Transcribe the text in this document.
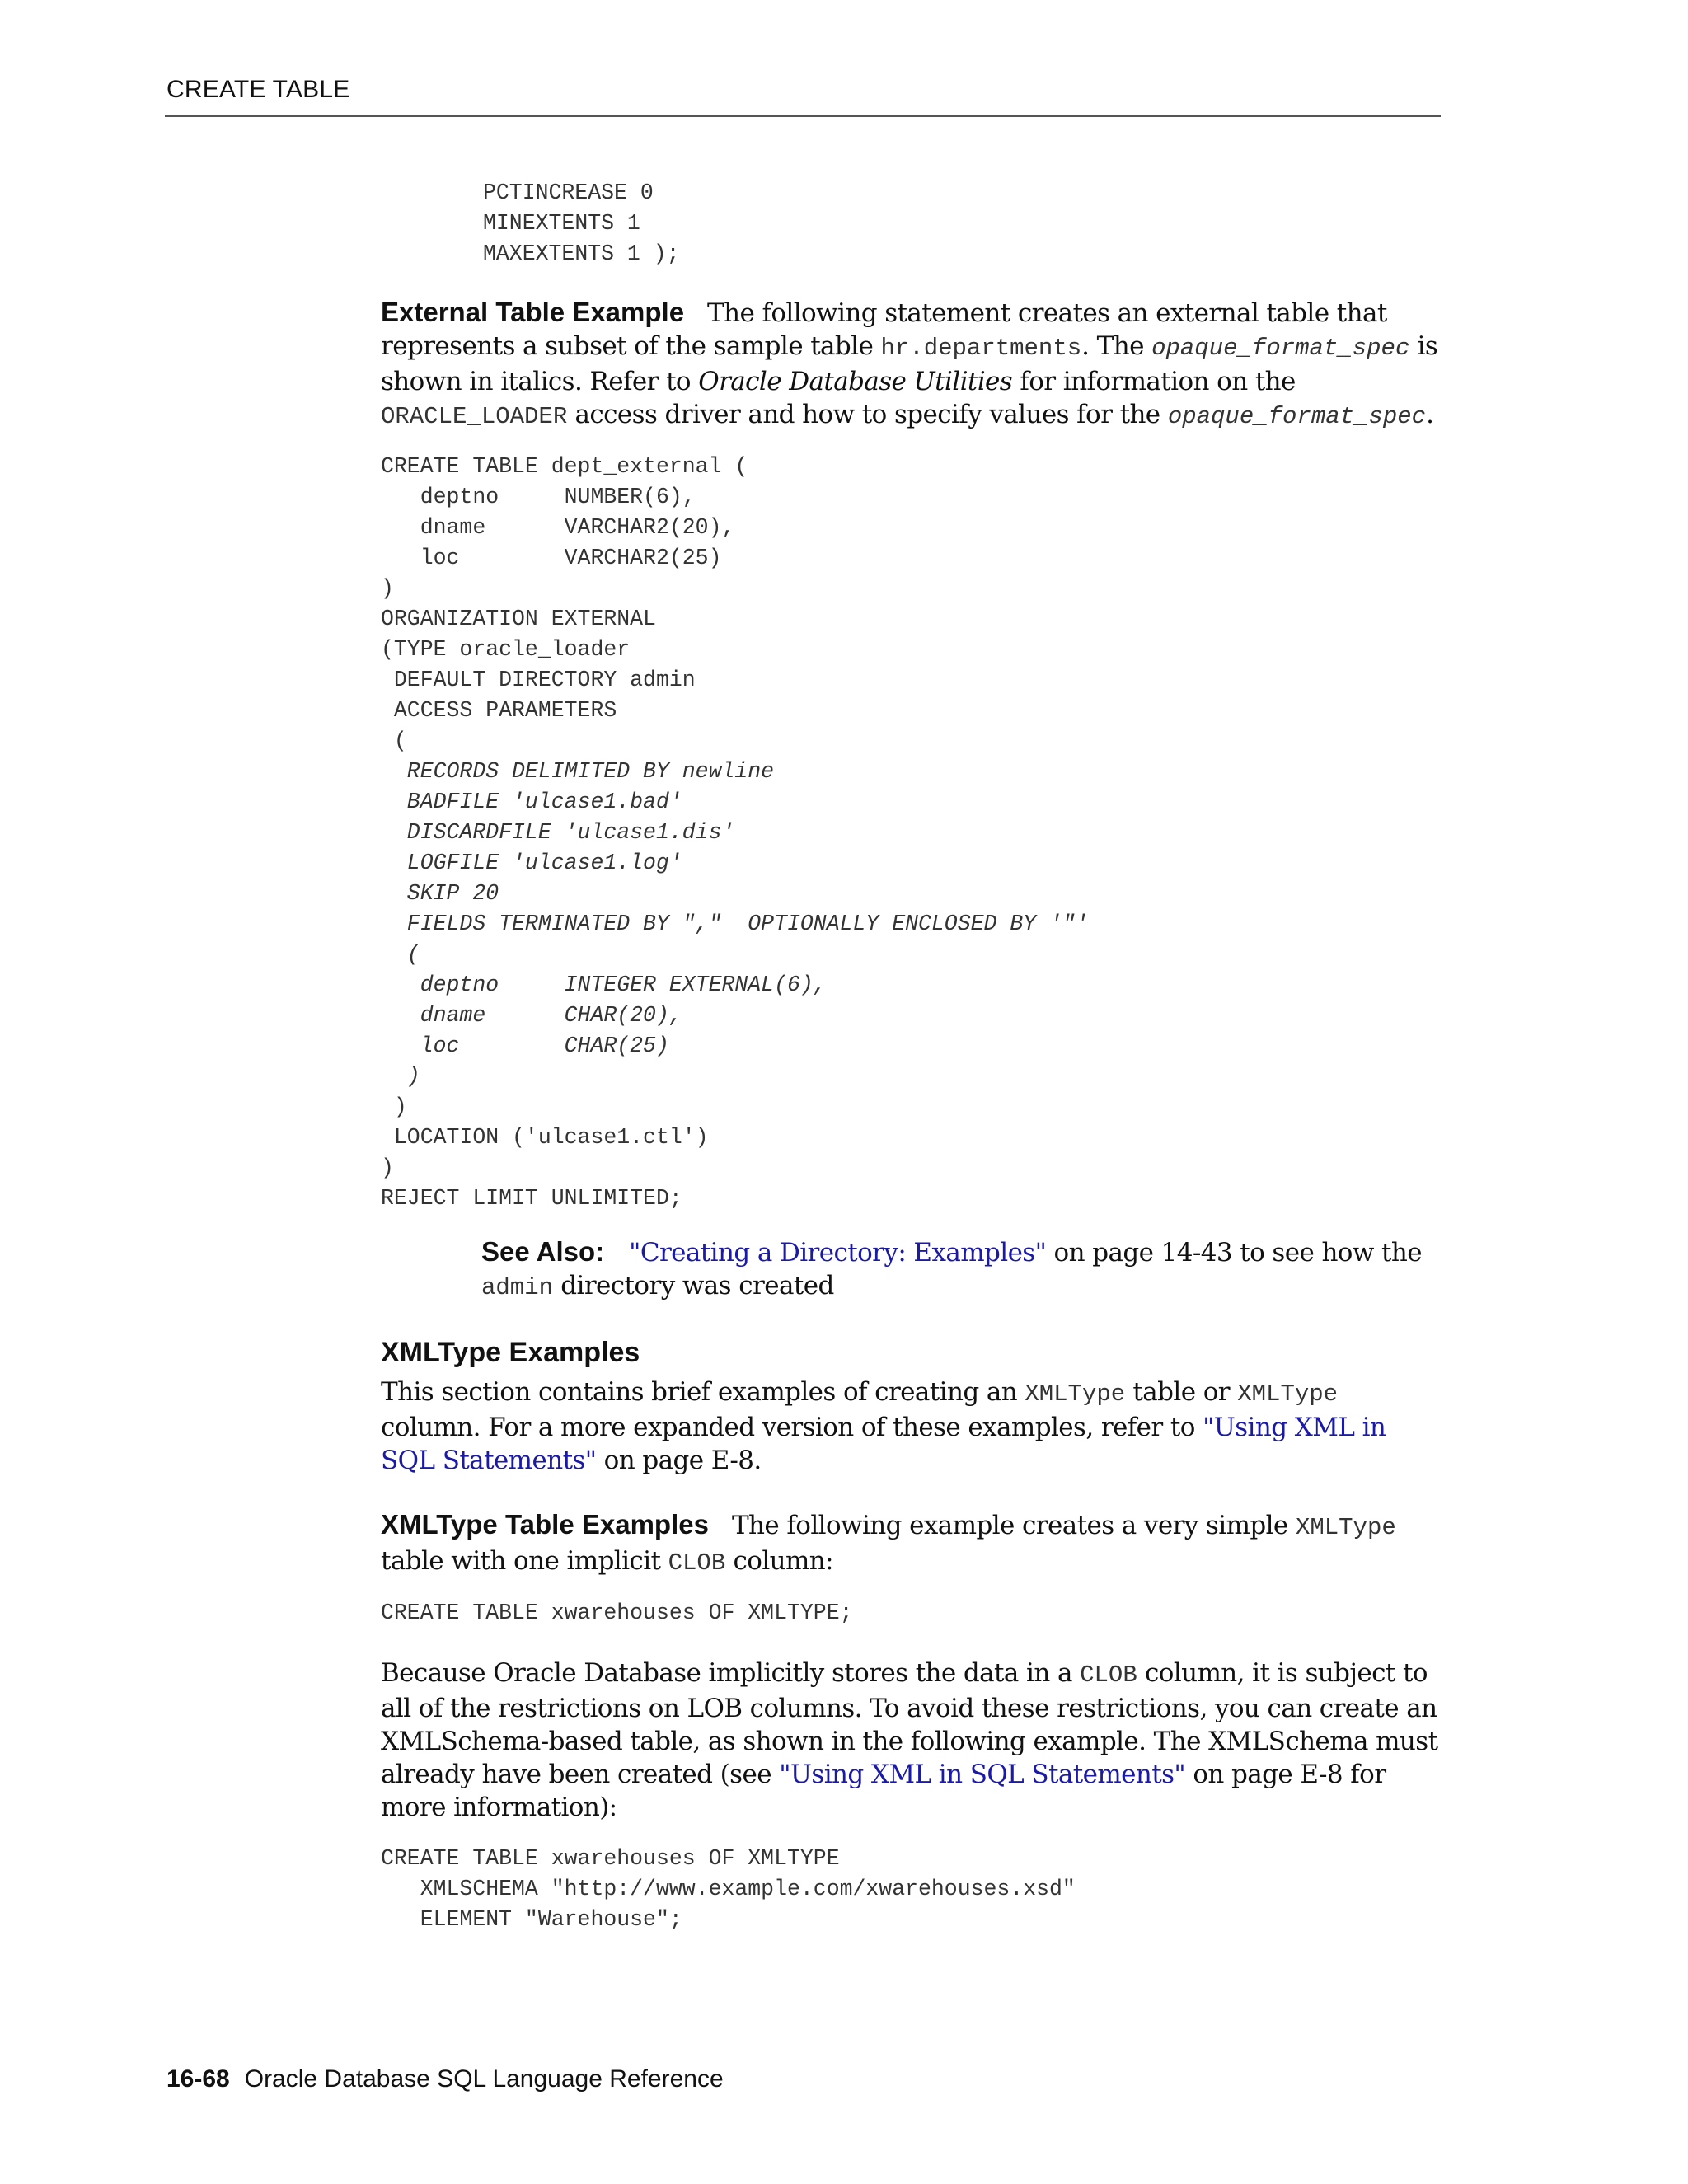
CREATE TABLE
PCTINCREASE 0
MINEXTENTS 1
MAXEXTENTS 1 );

External Table Example The following statement creates an external table that represents a subset of the sample table hr.departments. The opaque_format_spec is shown in italics. Refer to Oracle Database Utilities for information on the ORACLE_LOADER access driver and how to specify values for the opaque_format_spec.

CREATE TABLE dept_external (
deptno     NUMBER(6),
dname      VARCHAR2(20),
loc        VARCHAR2(25)
)
ORGANIZATION EXTERNAL
(TYPE oracle_loader
DEFAULT DIRECTORY admin
ACCESS PARAMETERS
(
RECORDS DELIMITED BY newline
BADFILE 'ulcase1.bad'
DISCARDFILE 'ulcase1.dis'
LOGFILE 'ulcase1.log'
SKIP 20
FIELDS TERMINATED BY ","  OPTIONALLY ENCLOSED BY '"'
(
deptno     INTEGER EXTERNAL(6),
dname      CHAR(20),
loc        CHAR(25)
)
)
LOCATION ('ulcase1.ctl')
)
REJECT LIMIT UNLIMITED;

See Also: "Creating a Directory: Examples" on page 14-43 to see how the admin directory was created

XMLType Examples

This section contains brief examples of creating an XMLType table or XMLType column. For a more expanded version of these examples, refer to "Using XML in SQL Statements" on page E-8.

XMLType Table Examples The following example creates a very simple XMLType table with one implicit CLOB column:

CREATE TABLE xwarehouses OF XMLTYPE;

Because Oracle Database implicitly stores the data in a CLOB column, it is subject to all of the restrictions on LOB columns. To avoid these restrictions, you can create an XMLSchema-based table, as shown in the following example. The XMLSchema must already have been created (see "Using XML in SQL Statements" on page E-8 for more information):

CREATE TABLE xwarehouses OF XMLTYPE
XMLSCHEMA "http://www.example.com/xwarehouses.xsd"
ELEMENT "Warehouse";
16-68 Oracle Database SQL Language Reference
